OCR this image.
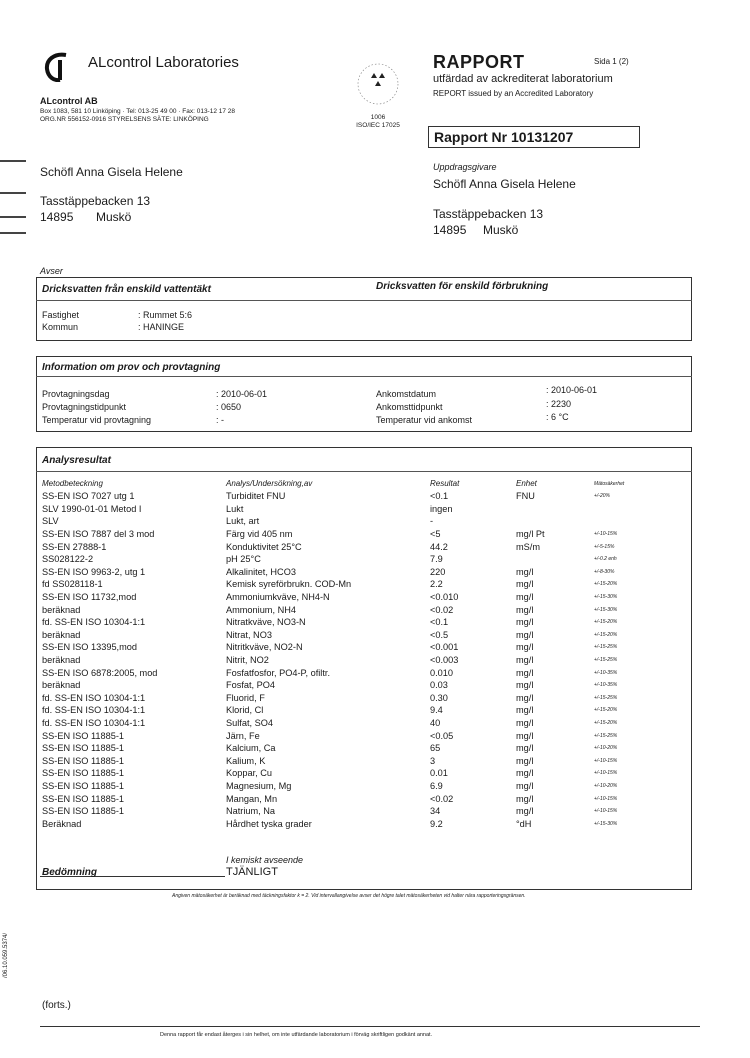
ALcontrol Laboratories
ALcontrol AB
Box 1083, 581 10 Linköping · Tel: 013-25 49 00 · Fax: 013-12 17 28
ORG.NR 556152-0916 STYRELSENS SÄTE: LINKÖPING	1006
ISO/IEC 17025
RAPPORT	Sida 1 (2)
utfärdad av ackrediterat laboratorium
REPORT issued by an Accredited Laboratory
Rapport Nr 10131207
Schöfl Anna Gisela Helene
Tasstäppebacken 13
14895 Muskö
Uppdragsgivare
Schöfl Anna Gisela Helene
Tasstäppebacken 13
14895 Muskö
Avser
Dricksvatten från enskild vattentäkt	Dricksvatten för enskild förbrukning
Fastighet	: Rummet 5:6
Kommun	: HANINGE
Information om prov och provtagning
Provtagningsdag	: 2010-06-01
Provtagningstidpunkt	: 0650
Temperatur vid provtagning	: -
Ankomstdatum	: 2010-06-01
Ankomsttidpunkt	: 2230
Temperatur vid ankomst	: 6 °C
Analysresultat
Metodbeteckning	Analys/Undersökning,av	Resultat	Enhet	Mätosäkerhet
SS-EN ISO 7027 utg 1	Turbiditet FNU	<0.1	FNU	+/-20%
SLV 1990-01-01 Metod I	Lukt	ingen		
SLV	Lukt, art	-		
SS-EN ISO 7887 del 3 mod	Färg vid 405 nm	<5	mg/l Pt	+/-10-15%
SS-EN 27888-1	Konduktivitet 25°C	44.2	mS/m	+/-5-15%
SS028122-2	pH 25°C	7.9		+/-0.2 enh
SS-EN ISO 9963-2, utg 1	Alkalinitet, HCO3	220	mg/l	+/-8-30%
fd SS028118-1	Kemisk syreförbrukn. COD-Mn	2.2	mg/l	+/-15-20%
SS-EN ISO 11732,mod	Ammoniumkväve, NH4-N	<0.010	mg/l	+/-15-30%
beräknad	Ammonium, NH4	<0.02	mg/l	+/-15-30%
fd. SS-EN ISO 10304-1:1	Nitratkväve, NO3-N	<0.1	mg/l	+/-15-20%
beräknad	Nitrat, NO3	<0.5	mg/l	+/-15-20%
SS-EN ISO 13395,mod	Nitritkväve, NO2-N	<0.001	mg/l	+/-15-25%
beräknad	Nitrit, NO2	<0.003	mg/l	+/-15-25%
SS-EN ISO 6878:2005, mod	Fosfatfosfor, PO4-P, ofiltr.	0.010	mg/l	+/-10-35%
beräknad	Fosfat, PO4	0.03	mg/l	+/-10-35%
fd. SS-EN ISO 10304-1:1	Fluorid, F	0.30	mg/l	+/-15-25%
fd. SS-EN ISO 10304-1:1	Klorid, Cl	9.4	mg/l	+/-15-20%
fd. SS-EN ISO 10304-1:1	Sulfat, SO4	40	mg/l	+/-15-20%
SS-EN ISO 11885-1	Järn, Fe	<0.05	mg/l	+/-15-25%
SS-EN ISO 11885-1	Kalcium, Ca	65	mg/l	+/-10-20%
SS-EN ISO 11885-1	Kalium, K	3	mg/l	+/-10-15%
SS-EN ISO 11885-1	Koppar, Cu	0.01	mg/l	+/-10-15%
SS-EN ISO 11885-1	Magnesium, Mg	6.9	mg/l	+/-10-20%
SS-EN ISO 11885-1	Mangan, Mn	<0.02	mg/l	+/-10-15%
SS-EN ISO 11885-1	Natrium, Na	34	mg/l	+/-10-15%
Beräknad	Hårdhet tyska grader	9.2	°dH	+/-15-30%
I kemiskt avseende
Bedömning	TJÄNLIGT
Angiven mätosäkerhet är beräknad med täckningsfaktor k = 2. Vid intervallangivelse avser det högre talet mätosäkerheten vid halter nära rapporteringsgränsen.
(forts.)
Denna rapport får endast återges i sin helhet, om inte utfärdande laboratorium i förväg skriftligen godkänt annat.
/06.10.059.5374/
